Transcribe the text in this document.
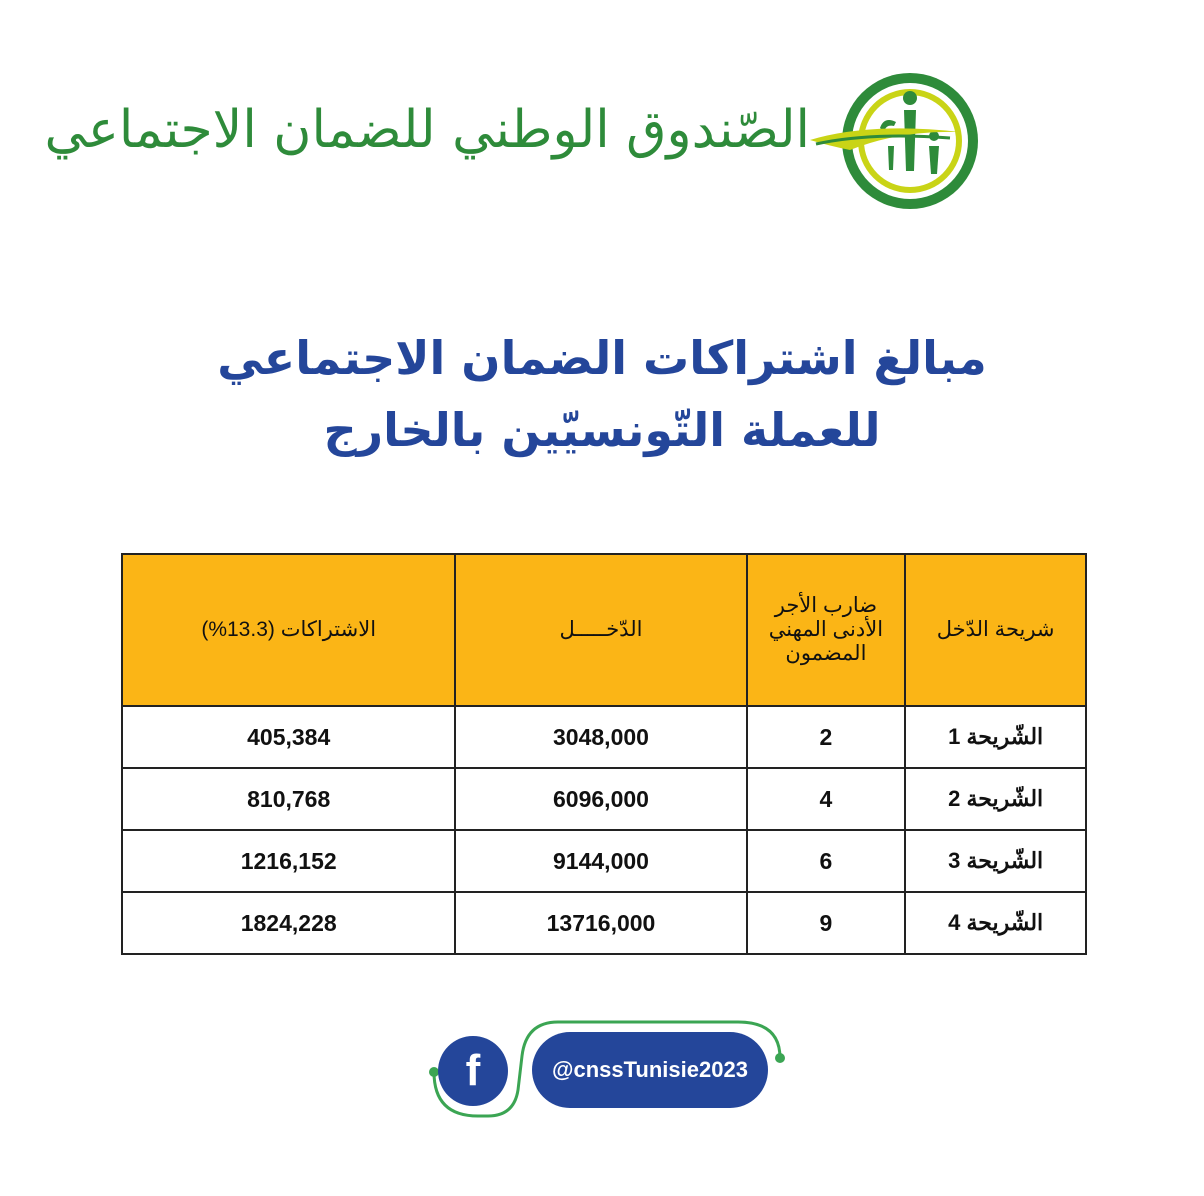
الصّندوق الوطني للضمان الاجتماعي
مبالغ اشتراكات الضمان الاجتماعي
للعملة التّونسيّين بالخارج
شريحة الدّخل	ضارب الأجر الأدنى المهني المضمون	الدّخـــــل	الاشتراكات (13.3%)
الشّريحة 1	2	3048,000	405,384
الشّريحة 2	4	6096,000	810,768
الشّريحة 3	6	9144,000	1216,152
الشّريحة 4	9	13716,000	1824,228
f	@cnssTunisie2023
